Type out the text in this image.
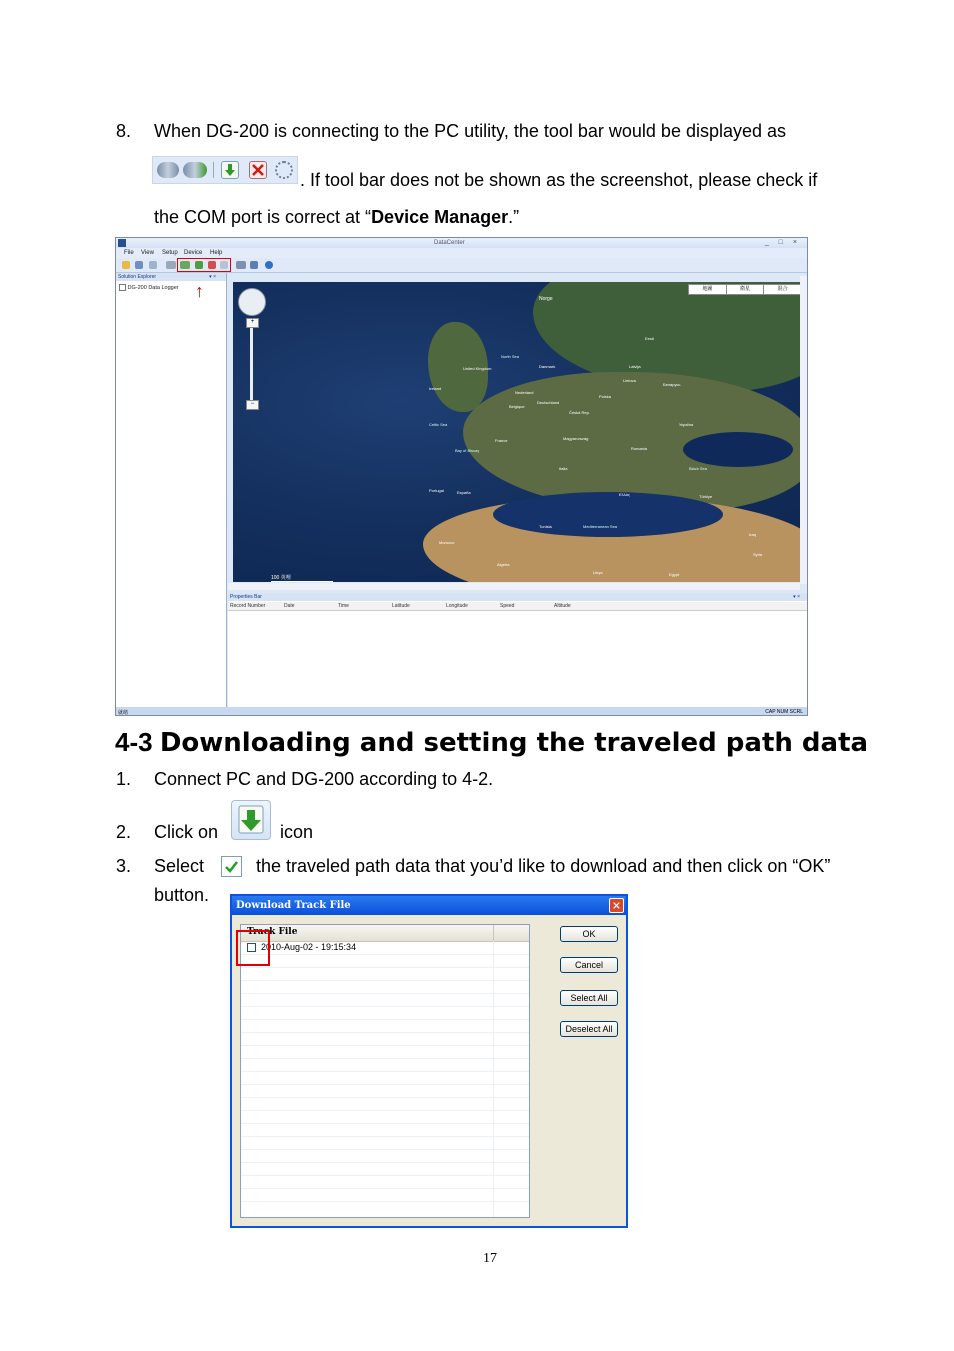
8. When DG-200 is connecting to the PC utility, the tool bar would be displayed as
. If tool bar does not be shown as the screenshot, please check if
the COM port is correct at “Device Manager.”
DataCenter	_ □ ×
File View Setup Device Help
Solution Explorer	▾ ×
DG-200 Data Logger ↑	地圖	衛星	混合
+
−
100 英哩
Norge
North Sea
United Kingdom
Ireland
Danmark
Nederland
Belgique
Deutschland
Polska
Česká Rep.
France
Celtic Sea
Bay of Biscay
Magyarország
Romania
Black Sea
Italia
Portugal	España	Ελλάς	Türkiye
Tunisia	Mediterranean Sea
Morocco
Algeria
Libya	Egypt
Україна
Беларусь
Latvija
Lietuva
Eesti
Syria
Iraq
Properties Bar	▾ ×
Record Number	Date	Time	Latitude	Longitude	Speed	Altitude
就绪	CAP NUM SCRL
4-3 Downloading and setting the traveled path data
1. Connect PC and DG-200 according to 4-2.
2. Click on	icon
3. Select	the traveled path data that you’d like to download and then click on “OK”
button.
Download Track File	×
Track File
2010-Aug-02 - 19:15:34
OK
Cancel
Select All
Deselect All
17
